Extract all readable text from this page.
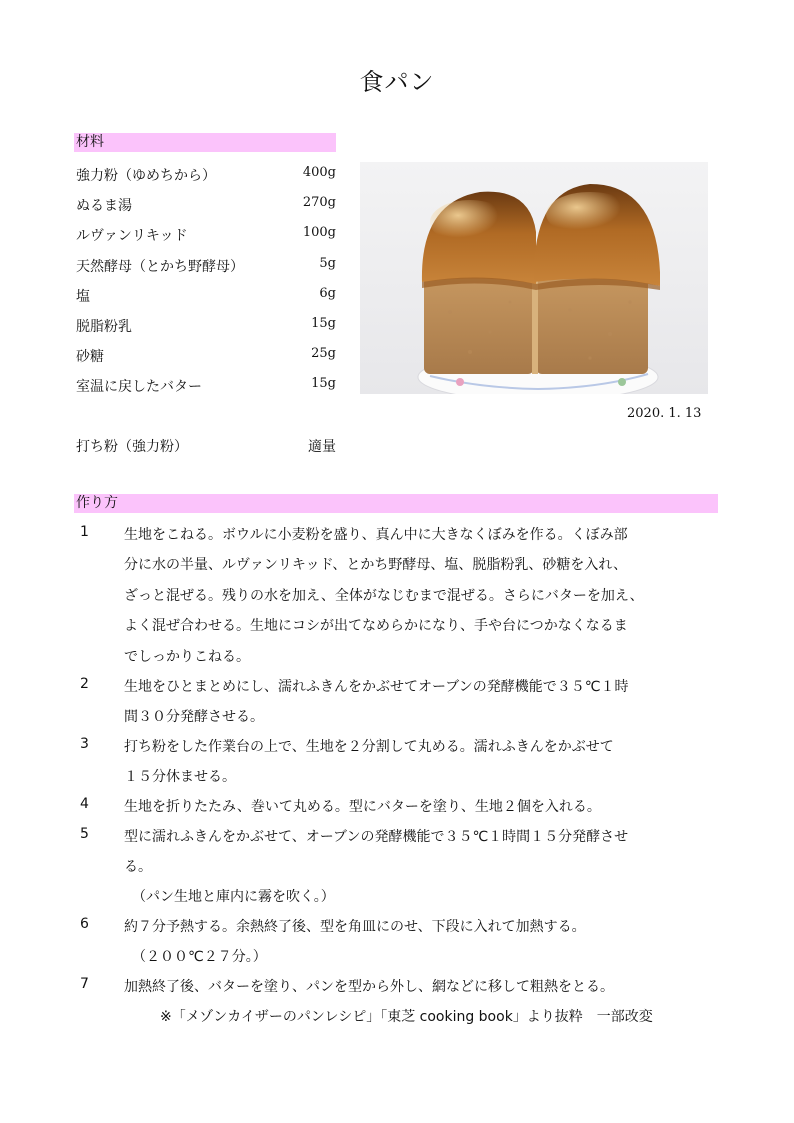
食パン
材料
強力粉（ゆめちから）	400g
ぬるま湯	270g
ルヴァンリキッド	100g
天然酵母（とかち野酵母）	5g
塩	6g
脱脂粉乳	15g
砂糖	25g
室温に戻したバター	15g
打ち粉（強力粉）	適量
2020. 1. 13
作り方
1	生地をこねる。ボウルに小麦粉を盛り、真ん中に大きなくぼみを作る。くぼみ部
分に水の半量、ルヴァンリキッド、とかち野酵母、塩、脱脂粉乳、砂糖を入れ、
ざっと混ぜる。残りの水を加え、全体がなじむまで混ぜる。さらにバターを加え、
よく混ぜ合わせる。生地にコシが出てなめらかになり、手や台につかなくなるま
でしっかりこねる。
2	生地をひとまとめにし、濡れふきんをかぶせてオーブンの発酵機能で３５℃１時
間３０分発酵させる。
3	打ち粉をした作業台の上で、生地を２分割して丸める。濡れふきんをかぶせて
１５分休ませる。
4	生地を折りたたみ、巻いて丸める。型にバターを塗り、生地２個を入れる。
5	型に濡れふきんをかぶせて、オーブンの発酵機能で３５℃１時間１５分発酵させ
る。
（パン生地と庫内に霧を吹く。）
6	約７分予熱する。余熱終了後、型を角皿にのせ、下段に入れて加熱する。
（２００℃２７分。）
7	加熱終了後、バターを塗り、パンを型から外し、網などに移して粗熱をとる。
※「メゾンカイザーのパンレシピ」「東芝 cooking book」より抜粋　一部改変
